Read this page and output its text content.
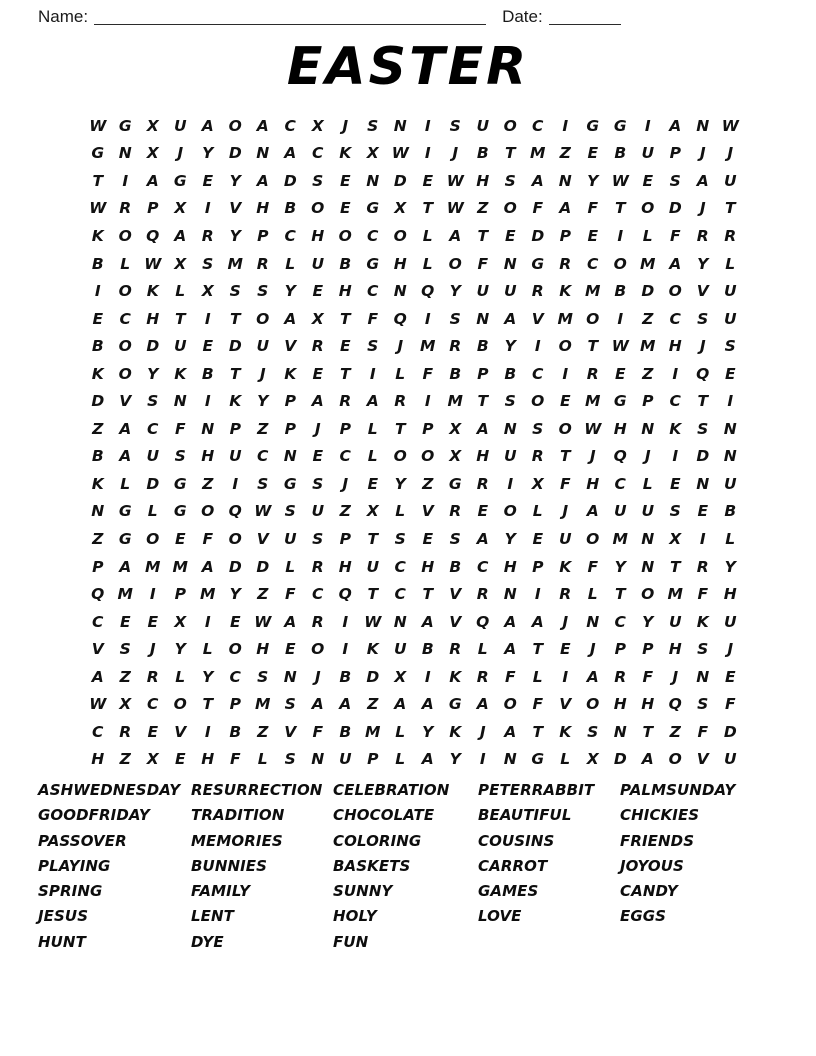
Name:	Date:
EASTER
W G X U A O A	C	X	J	S N	I	S	U O C	I	G G	I	A N W
G N X	J	Y D N A	C	K	X W	I	J	B	T M Z	E	B U	P	J	J
T	I	A G	E	Y	A D S	E	N D	E W H S	A N Y W E	S	A U
W R	P	X	I	V H B O	E	G X	T W Z O	F	A	F	T	O D	J	T
K O Q A	R	Y	P	C H O C O	L	A	T	E	D P	E	I	L	F	R	R
B	L W X	S M R	L	U B G H	L	O	F	N G R	C O M A	Y	L
I	O K	L	X	S	S	Y	E	H C N Q Y	U U R	K M B D O V U
E	C H	T	I	T	O A	X	T	F	Q	I	S N A	V M O	I	Z	C	S	U
B O D U	E	D U V	R	E	S	J	M R	B	Y	I	O	T W M H	J	S
K O Y	K	B	T	J	K	E	T	I	L	F	B	P	B	C	I	R	E	Z	I	Q	E
D V	S N	I	K	Y	P	A	R	A	R	I	M T	S O	E M G P	C	T	I
Z	A	C	F	N P	Z	P	J	P	L	T	P	X	A N S O W H N K	S N
B	A U	S H U	C N	E	C	L	O O X H U R	T	J	Q	J	I	D N
K	L	D G	Z	I	S	G	S	J	E	Y	Z	G R	I	X	F	H C	L	E	N U
N G	L	G O Q W S	U	Z	X	L	V	R	E	O	L	J	A U U	S	E	B
Z	G O	E	F	O V U	S	P	T	S	E	S	A	Y	E	U O M N X	I	L
P	A M M A D D	L	R H U	C H B	C H P	K	F	Y N	T	R	Y
Q M	I	P M Y	Z	F	C Q	T	C	T	V	R N	I	R	L	T	O M F	H
C	E	E	X	I	E W A	R	I	W N A	V Q A	A	J	N C	Y	U K U
V	S	J	Y	L	O H	E	O	I	K U B	R	L	A	T	E	J	P	P H S	J
A	Z	R	L	Y	C	S N	J	B D X	I	K	R	F	L	I	A	R	F	J	N	E
W X	C O	T	P M S	A	A	Z	A	A G A O	F	V O H H Q S	F
C	R	E	V	I	B	Z	V	F	B M L	Y	K	J	A	T	K	S N	T	Z	F	D
H Z	X	E	H	F	L	S N U	P	L	A	Y	I	N G	L	X D A O V U
ASHWEDNESDAY
GOODFRIDAY
PASSOVER
PLAYING
SPRING
JESUS
HUNT
RESURRECTION
TRADITION
MEMORIES
BUNNIES
FAMILY
LENT
DYE
CELEBRATION
CHOCOLATE
COLORING
BASKETS
SUNNY
HOLY
FUN
PETERRABBIT
BEAUTIFUL
COUSINS
CARROT
GAMES
LOVE
PALMSUNDAY
CHICKIES
FRIENDS
JOYOUS
CANDY
EGGS
